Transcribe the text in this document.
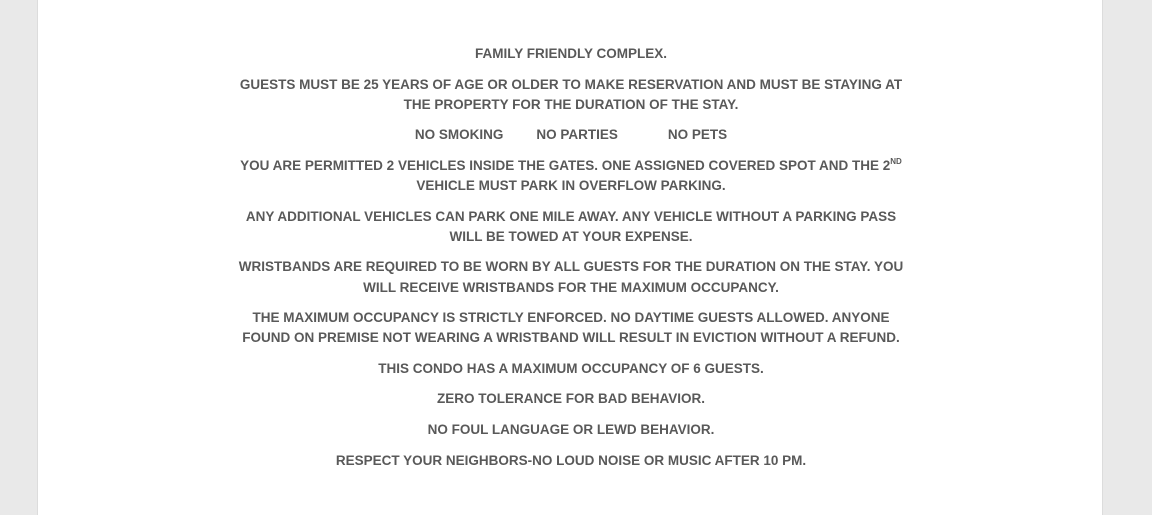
FAMILY FRIENDLY COMPLEX.

GUESTS MUST BE 25 YEARS OF AGE OR OLDER TO MAKE RESERVATION AND MUST BE STAYING AT THE PROPERTY FOR THE DURATION OF THE STAY.

NO SMOKING NO PARTIES	NO PETS

YOU ARE PERMITTED 2 VEHICLES INSIDE THE GATES. ONE ASSIGNED COVERED SPOT AND THE 2ND VEHICLE MUST PARK IN OVERFLOW PARKING.

ANY ADDITIONAL VEHICLES CAN PARK ONE MILE AWAY. ANY VEHICLE WITHOUT A PARKING PASS WILL BE TOWED AT YOUR EXPENSE.

WRISTBANDS ARE REQUIRED TO BE WORN BY ALL GUESTS FOR THE DURATION ON THE STAY. YOU WILL RECEIVE WRISTBANDS FOR THE MAXIMUM OCCUPANCY.

THE MAXIMUM OCCUPANCY IS STRICTLY ENFORCED. NO DAYTIME GUESTS ALLOWED. ANYONE FOUND ON PREMISE NOT WEARING A WRISTBAND WILL RESULT IN EVICTION WITHOUT A REFUND.

THIS CONDO HAS A MAXIMUM OCCUPANCY OF 6 GUESTS.

ZERO TOLERANCE FOR BAD BEHAVIOR.

NO FOUL LANGUAGE OR LEWD BEHAVIOR.

RESPECT YOUR NEIGHBORS-NO LOUD NOISE OR MUSIC AFTER 10 PM.
